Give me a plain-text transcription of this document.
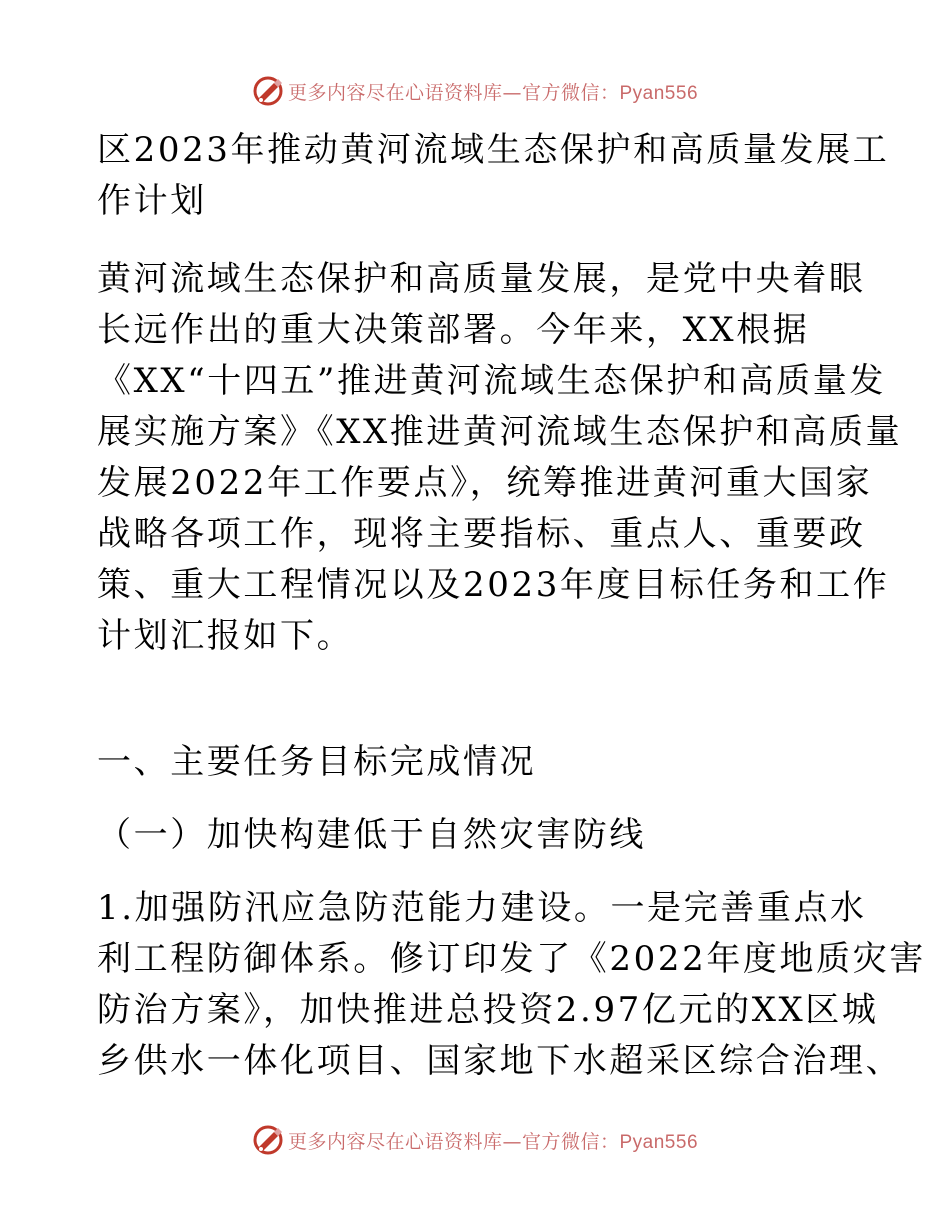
更多内容尽在心语资料库—官方微信：Pyan556
区2023年推动黄河流域生态保护和高质量发展工
作计划
黄河流域生态保护和高质量发展，是党中央着眼
长远作出的重大决策部署。今年来，XX根据
《XX“十四五”推进黄河流域生态保护和高质量发
展实施方案》《XX推进黄河流域生态保护和高质量
发展2022年工作要点》，统筹推进黄河重大国家
战略各项工作，现将主要指标、重点人、重要政
策、重大工程情况以及2023年度目标任务和工作
计划汇报如下。
一、主要任务目标完成情况
（一）加快构建低于自然灾害防线
1.加强防汛应急防范能力建设。一是完善重点水
利工程防御体系。修订印发了《2022年度地质灾害
防治方案》，加快推进总投资2.97亿元的XX区城
乡供水一体化项目、国家地下水超采区综合治理、
更多内容尽在心语资料库—官方微信：Pyan556
